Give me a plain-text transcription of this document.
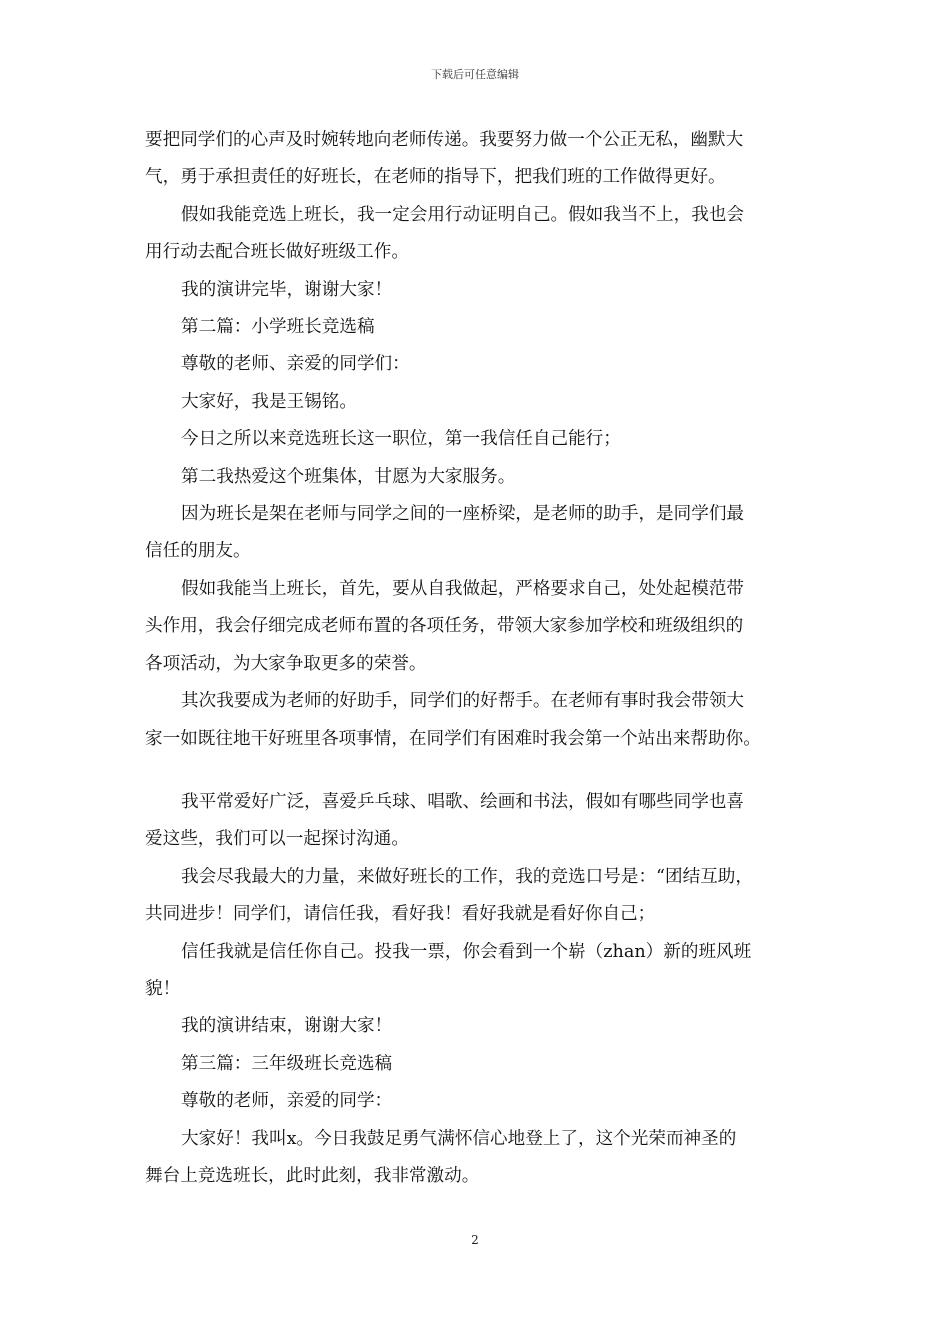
下载后可任意编辑

要把同学们的心声及时婉转地向老师传递。我要努力做一个公正无私，幽默大

气，勇于承担责任的好班长，在老师的指导下，把我们班的工作做得更好。

假如我能竞选上班长，我一定会用行动证明自己。假如我当不上，我也会

用行动去配合班长做好班级工作。

我的演讲完毕，谢谢大家！

第二篇：小学班长竞选稿

尊敬的老师、亲爱的同学们：

大家好，我是王锡铭。

今日之所以来竞选班长这一职位，第一我信任自己能行；

第二我热爱这个班集体，甘愿为大家服务。

因为班长是架在老师与同学之间的一座桥梁，是老师的助手，是同学们最

信任的朋友。

假如我能当上班长，首先，要从自我做起，严格要求自己，处处起模范带

头作用，我会仔细完成老师布置的各项任务，带领大家参加学校和班级组织的

各项活动，为大家争取更多的荣誉。

其次我要成为老师的好助手，同学们的好帮手。在老师有事时我会带领大

家一如既往地干好班里各项事情，在同学们有困难时我会第一个站出来帮助你。

我平常爱好广泛，喜爱乒乓球、唱歌、绘画和书法，假如有哪些同学也喜

爱这些，我们可以一起探讨沟通。

我会尽我最大的力量，来做好班长的工作，我的竞选口号是：“团结互助，

共同进步！同学们，请信任我，看好我！看好我就是看好你自己；

信任我就是信任你自己。投我一票，你会看到一个崭（zhan）新的班风班

貌！

我的演讲结束，谢谢大家！

第三篇：三年级班长竞选稿

尊敬的老师，亲爱的同学：

大家好！我叫x。今日我鼓足勇气满怀信心地登上了，这个光荣而神圣的

舞台上竞选班长，此时此刻，我非常激动。

2
